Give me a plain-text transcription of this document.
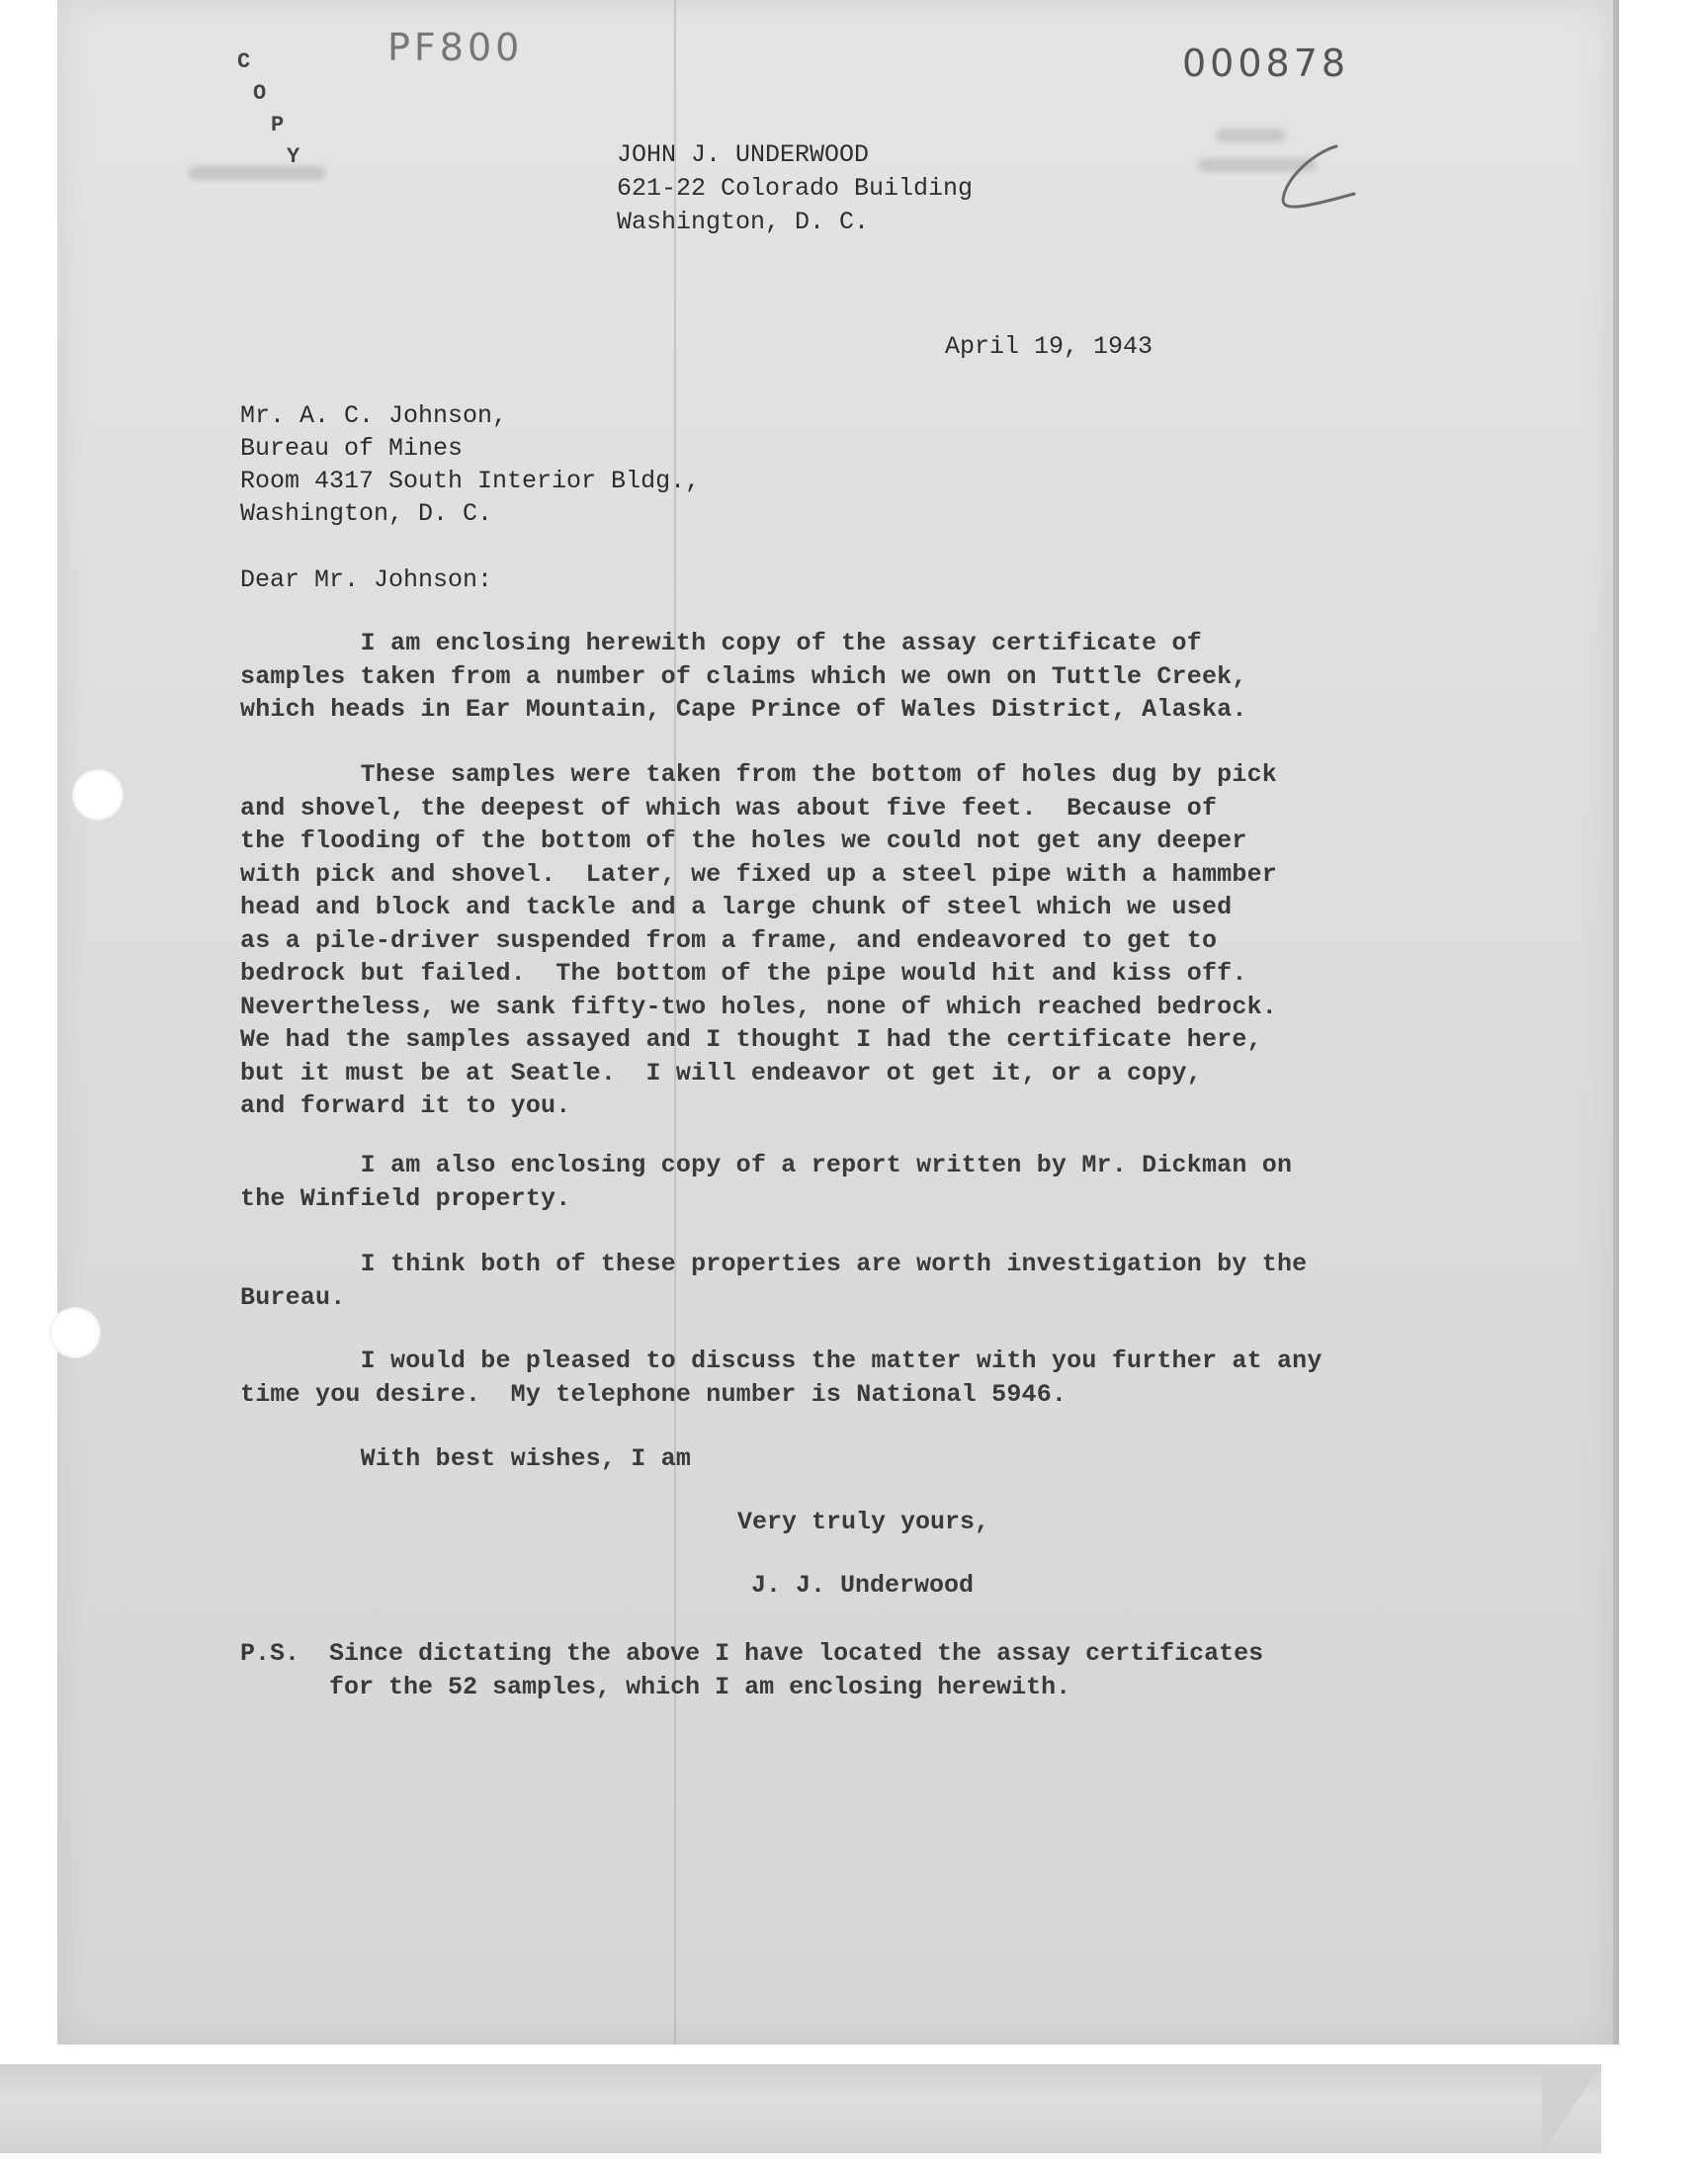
C
O
P
Y
PF800	000878
JOHN J. UNDERWOOD
621-22 Colorado Building
Washington, D. C.
April 19, 1943
Mr. A. C. Johnson,
Bureau of Mines
Room 4317 South Interior Bldg.,
Washington, D. C.
Dear Mr. Johnson:
I am enclosing herewith copy of the assay certificate of
samples taken from a number of claims which we own on Tuttle Creek,
which heads in Ear Mountain, Cape Prince of Wales District, Alaska.
These samples were taken from the bottom of holes dug by pick
and shovel, the deepest of which was about five feet.  Because of
the flooding of the bottom of the holes we could not get any deeper
with pick and shovel.  Later, we fixed up a steel pipe with a hammber
head and block and tackle and a large chunk of steel which we used
as a pile-driver suspended from a frame, and endeavored to get to
bedrock but failed.  The bottom of the pipe would hit and kiss off.
Nevertheless, we sank fifty-two holes, none of which reached bedrock.
We had the samples assayed and I thought I had the certificate here,
but it must be at Seatle.  I will endeavor ot get it, or a copy,
and forward it to you.
I am also enclosing copy of a report written by Mr. Dickman on
the Winfield property.
I think both of these properties are worth investigation by the
Bureau.
I would be pleased to discuss the matter with you further at any
time you desire.  My telephone number is National 5946.
With best wishes, I am
Very truly yours,
J. J. Underwood
P.S.  Since dictating the above I have located the assay certificates
for the 52 samples, which I am enclosing herewith.
